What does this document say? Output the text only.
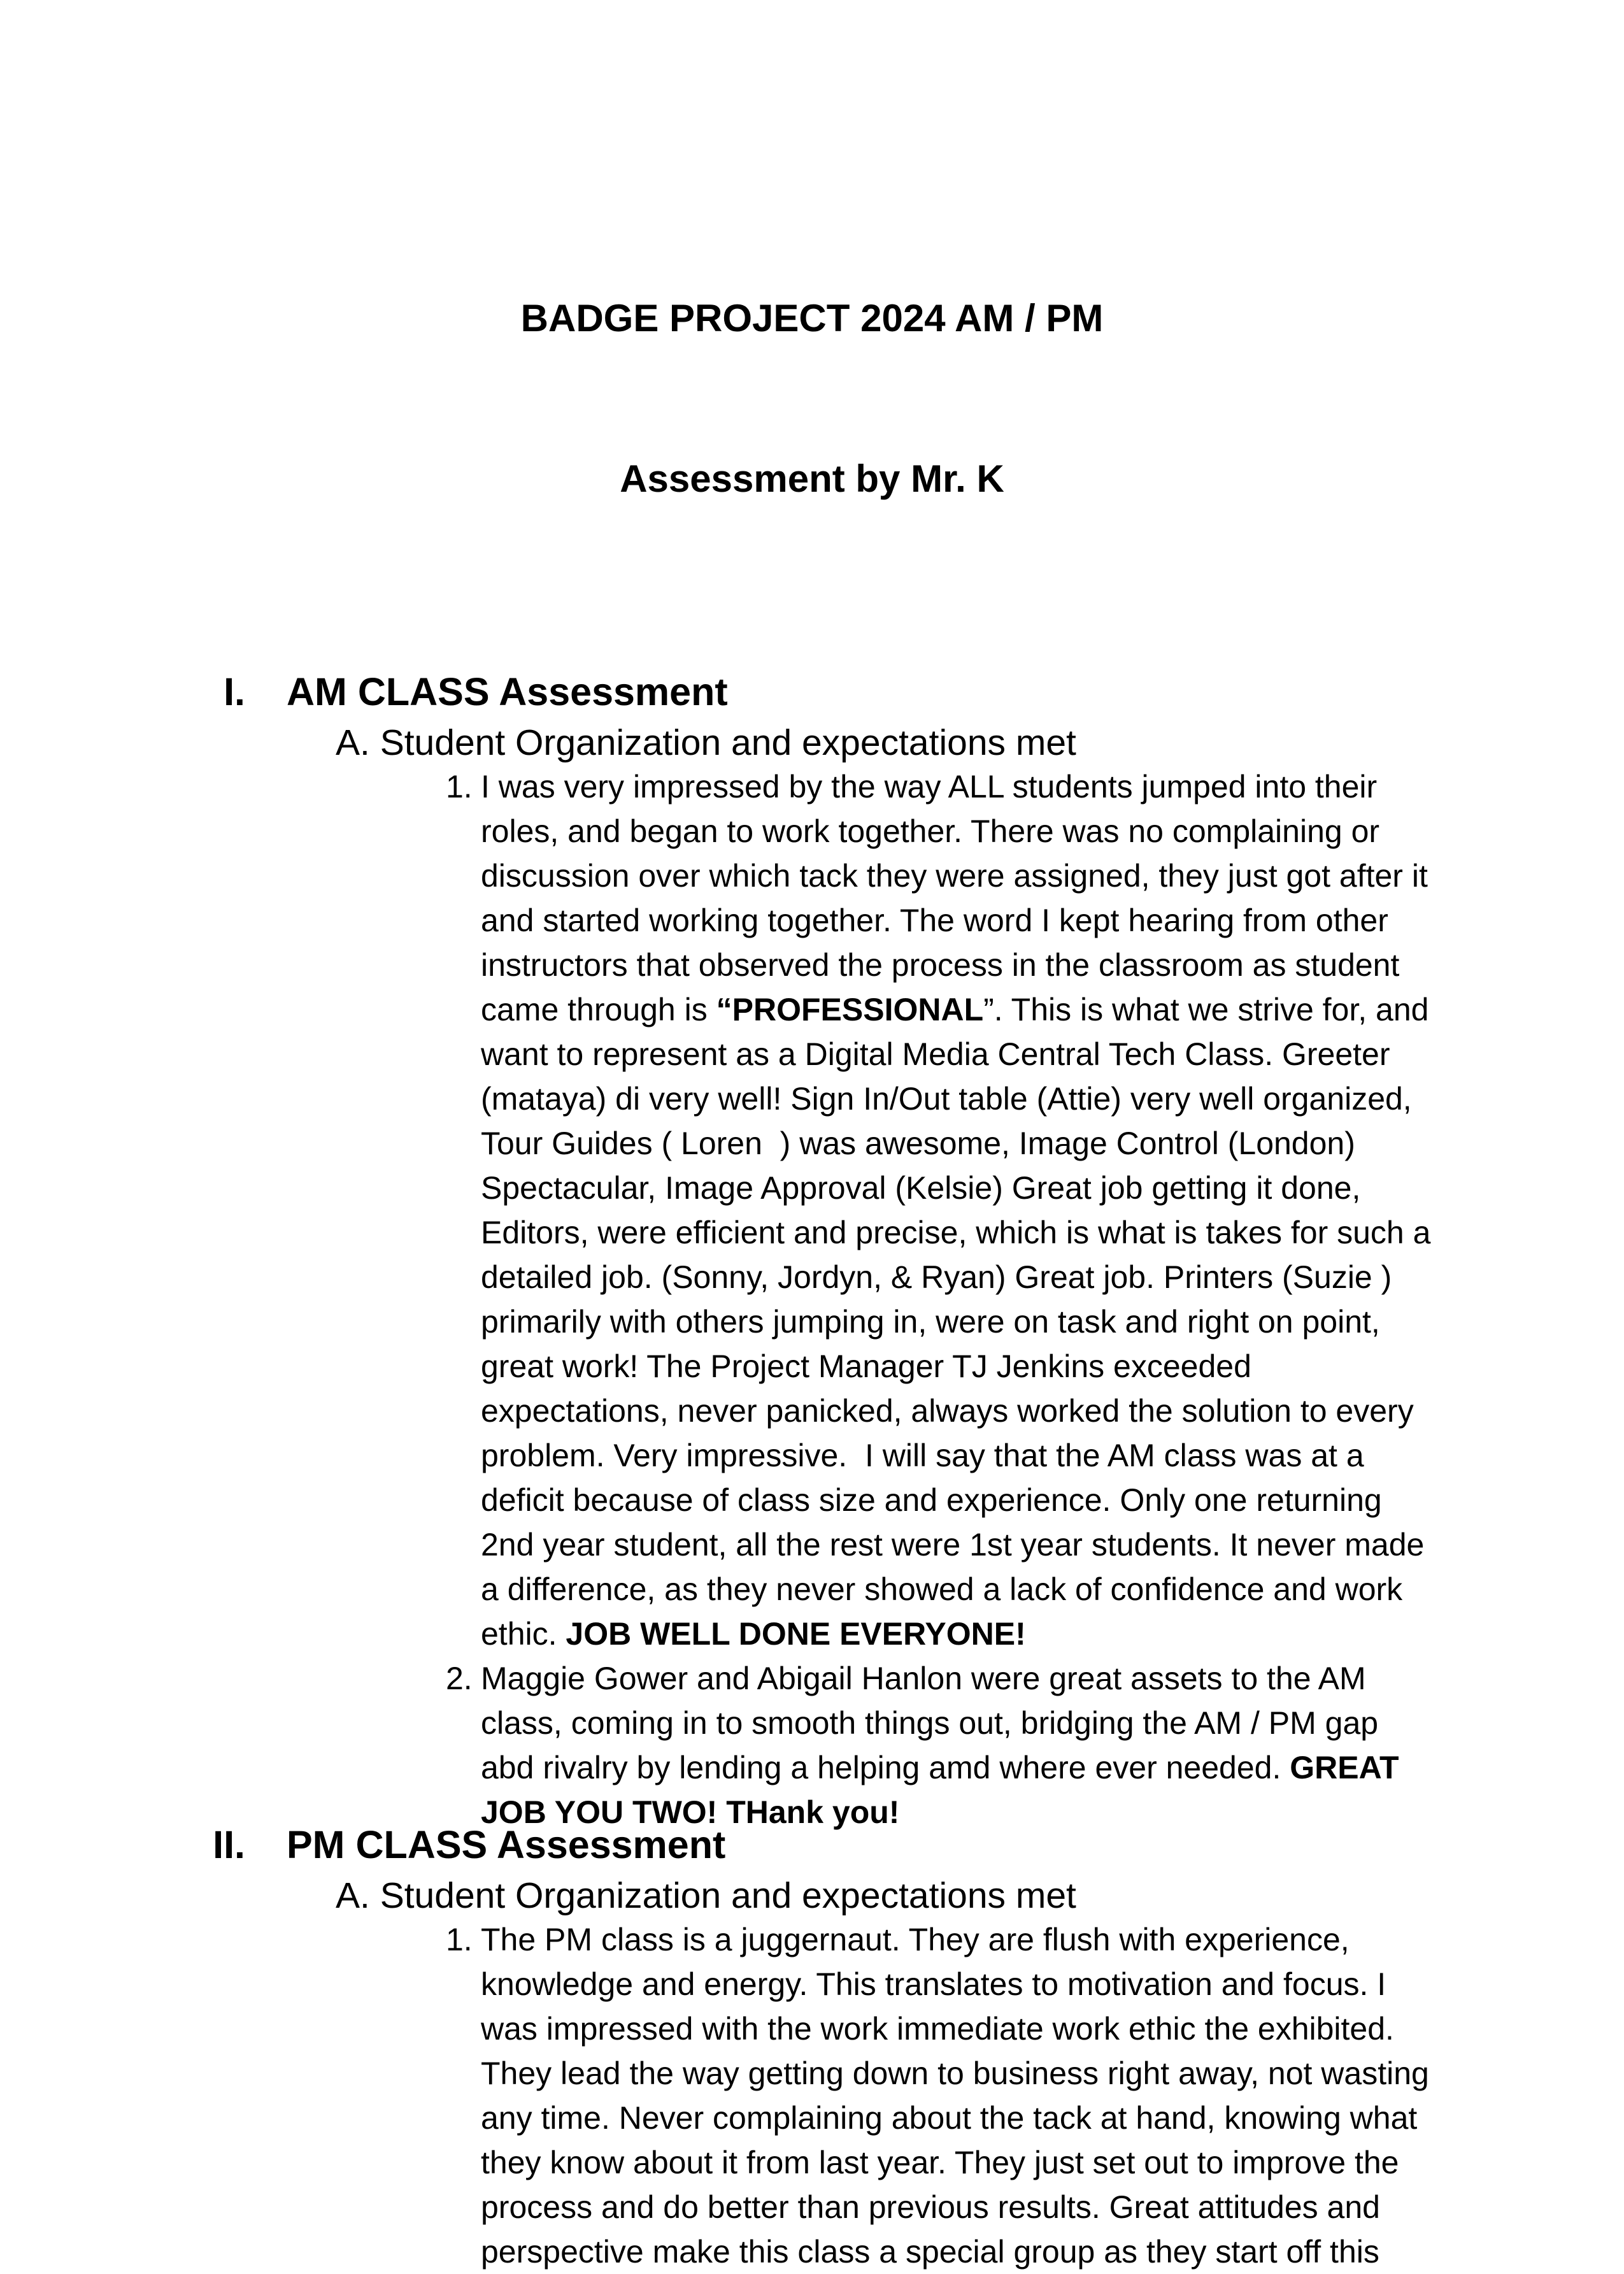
BADGE PROJECT 2024 AM / PM

Assessment by Mr. K

I. AM CLASS Assessment
A. Student Organization and expectations met
1. I was very impressed by the way ALL students jumped into their
roles, and began to work together. There was no complaining or
discussion over which tack they were assigned, they just got after it
and started working together. The word I kept hearing from other
instructors that observed the process in the classroom as student
came through is “PROFESSIONAL”. This is what we strive for, and
want to represent as a Digital Media Central Tech Class. Greeter
(mataya) di very well! Sign In/Out table (Attie) very well organized,
Tour Guides ( Loren  ) was awesome, Image Control (London)
Spectacular, Image Approval (Kelsie) Great job getting it done,
Editors, were efficient and precise, which is what is takes for such a
detailed job. (Sonny, Jordyn, & Ryan) Great job. Printers (Suzie )
primarily with others jumping in, were on task and right on point,
great work! The Project Manager TJ Jenkins exceeded
expectations, never panicked, always worked the solution to every
problem. Very impressive.  I will say that the AM class was at a
deficit because of class size and experience. Only one returning
2nd year student, all the rest were 1st year students. It never made
a difference, as they never showed a lack of confidence and work
ethic. JOB WELL DONE EVERYONE!
2. Maggie Gower and Abigail Hanlon were great assets to the AM
class, coming in to smooth things out, bridging the AM / PM gap
abd rivalry by lending a helping amd where ever needed. GREAT
JOB YOU TWO! THank you!
II. PM CLASS Assessment
A. Student Organization and expectations met
1. The PM class is a juggernaut. They are flush with experience,
knowledge and energy. This translates to motivation and focus. I
was impressed with the work immediate work ethic the exhibited.
They lead the way getting down to business right away, not wasting
any time. Never complaining about the tack at hand, knowing what
they know about it from last year. They just set out to improve the
process and do better than previous results. Great attitudes and
perspective make this class a special group as they start off this
